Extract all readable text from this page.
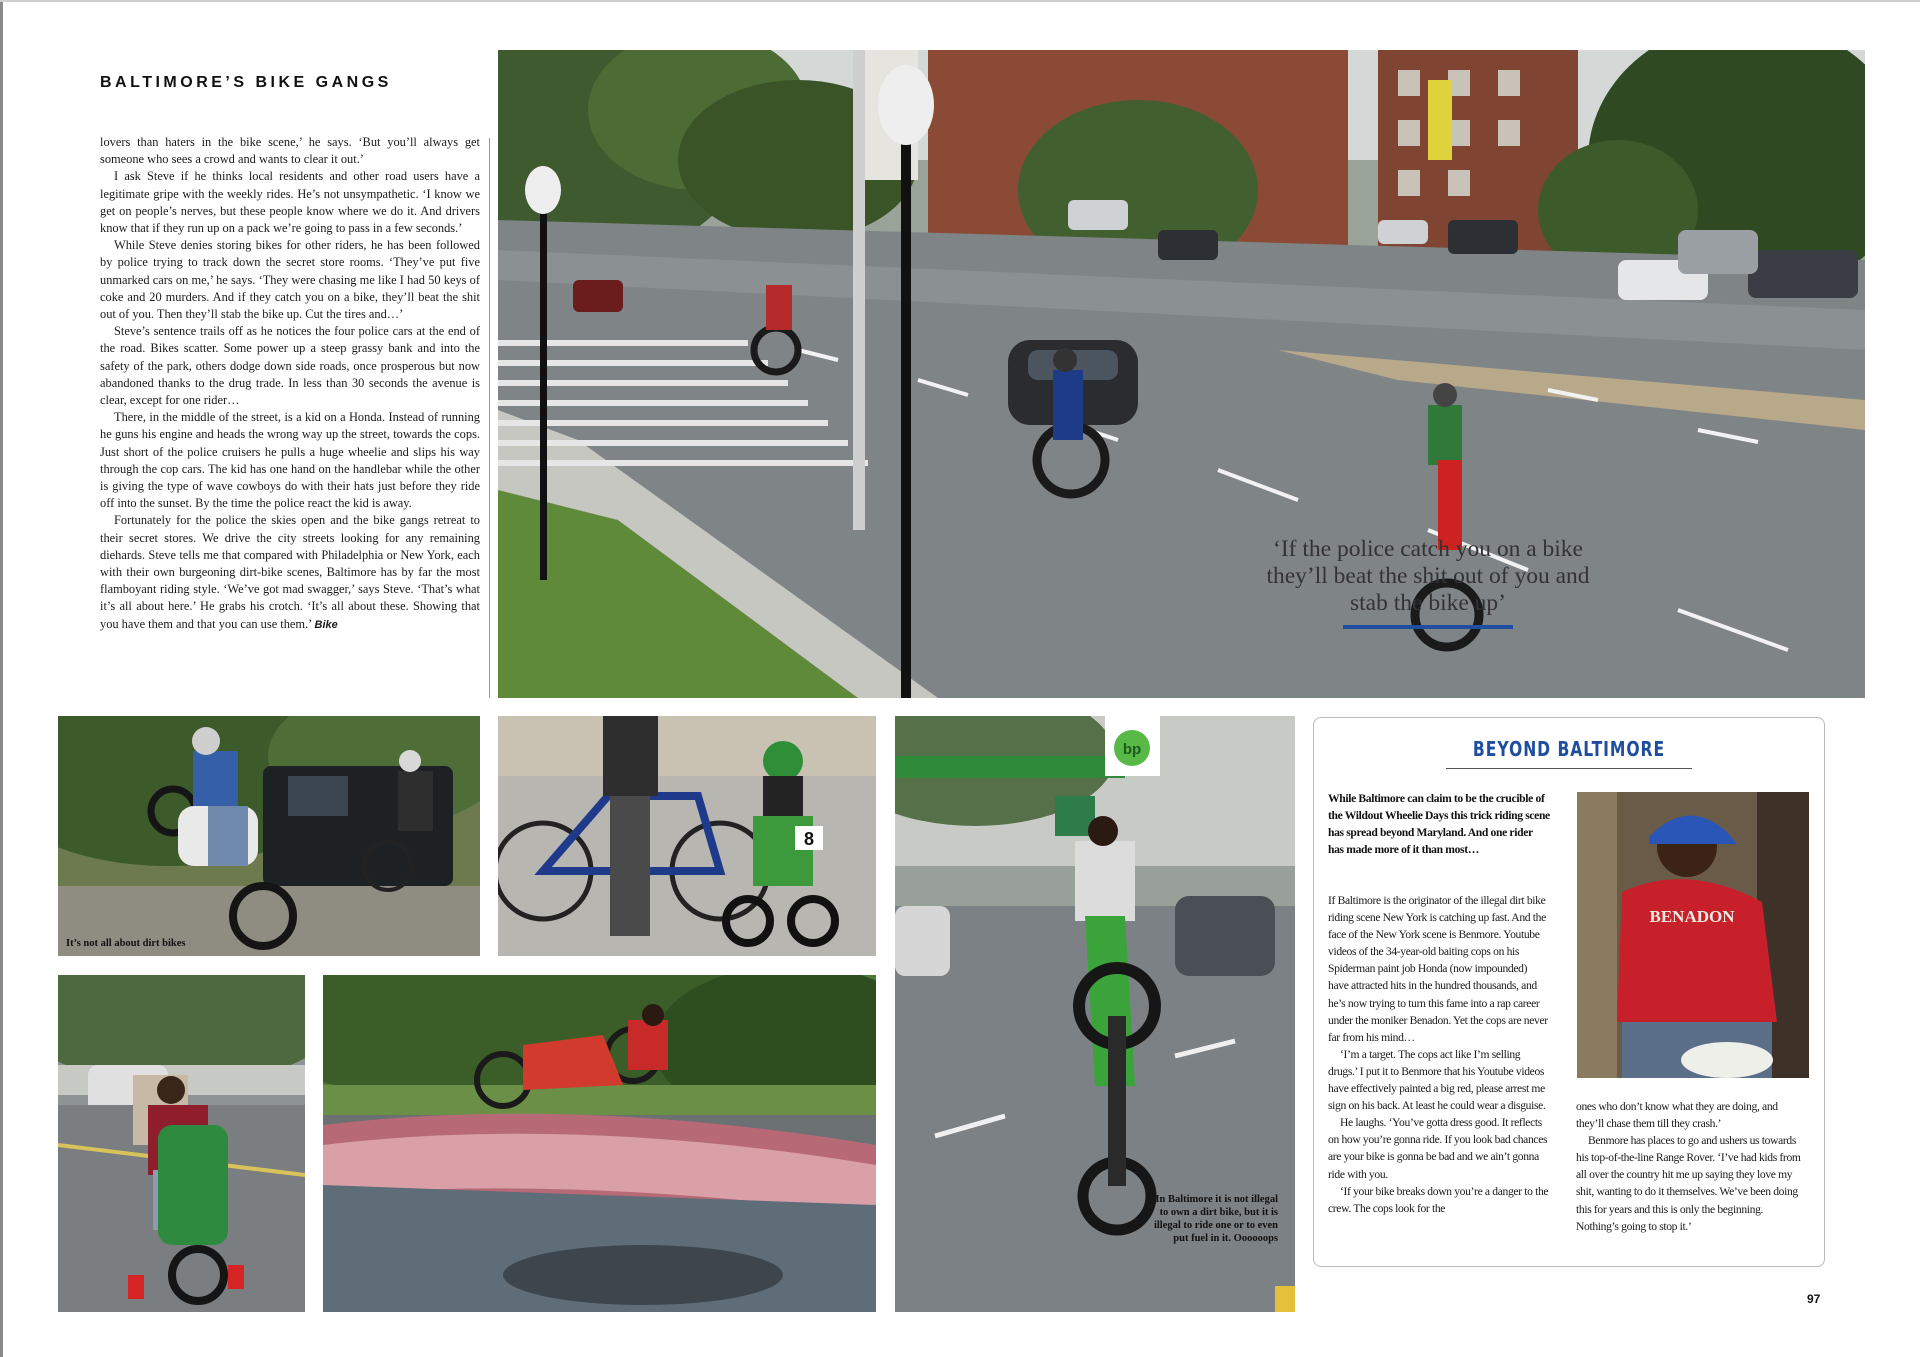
BALTIMORE’S BIKE GANGS

lovers than haters in the bike scene,’ he says. ‘But you’ll always get someone who sees a crowd and wants to clear it out.’

I ask Steve if he thinks local residents and other road users have a legitimate gripe with the weekly rides. He’s not unsympathetic. ‘I know we get on people’s nerves, but these people know where we do it. And drivers know that if they run up on a pack we’re going to pass in a few seconds.’

While Steve denies storing bikes for other riders, he has been followed by police trying to track down the secret store rooms. ‘They’ve put five unmarked cars on me,’ he says. ‘They were chasing me like I had 50 keys of coke and 20 murders. And if they catch you on a bike, they’ll beat the shit out of you. Then they’ll stab the bike up. Cut the tires and…’

Steve’s sentence trails off as he notices the four police cars at the end of the road. Bikes scatter. Some power up a steep grassy bank and into the safety of the park, others dodge down side roads, once prosperous but now abandoned thanks to the drug trade. In less than 30 seconds the avenue is clear, except for one rider…

There, in the middle of the street, is a kid on a Honda. Instead of running he guns his engine and heads the wrong way up the street, towards the cops. Just short of the police cruisers he pulls a huge wheelie and slips his way through the cop cars. The kid has one hand on the handlebar while the other is giving the type of wave cowboys do with their hats just before they ride off into the sunset. By the time the police react the kid is away.

Fortunately for the police the skies open and the bike gangs retreat to their secret stores. We drive the city streets looking for any remaining diehards. Steve tells me that compared with Philadelphia or New York, each with their own burgeoning dirt-bike scenes, Baltimore has by far the most flamboyant riding style. ‘We’ve got mad swagger,’ says Steve. ‘That’s what it’s all about here.’ He grabs his crotch. ‘It’s all about these. Showing that you have them and that you can use them.’ Bike

‘If the police catch you on a bike they’ll beat the shit out of you and stab the bike up’
It’s not all about dirt bikes
8
bp
In Baltimore it is not illegal to own a dirt bike, but it is illegal to ride one or to even put fuel in it. Oooooops
BEYOND BALTIMORE
While Baltimore can claim to be the crucible of the Wildout Wheelie Days this trick riding scene has spread beyond Maryland. And one rider has made more of it than most…

If Baltimore is the originator of the illegal dirt bike riding scene New York is catching up fast. And the face of the New York scene is Benmore. Youtube videos of the 34-year-old baiting cops on his Spiderman paint job Honda (now impounded) have attracted hits in the hundred thousands, and he’s now trying to turn this fame into a rap career under the moniker Benadon. Yet the cops are never far from his mind…

‘I’m a target. The cops act like I’m selling drugs.’ I put it to Benmore that his Youtube videos have effectively painted a big red, please arrest me sign on his back. At least he could wear a disguise.

He laughs. ‘You’ve gotta dress good. It reflects on how you’re gonna ride. If you look bad chances are your bike is gonna be bad and we ain’t gonna ride with you.

‘If your bike breaks down you’re a danger to the crew. The cops look for the

BENADON

ones who don’t know what they are doing, and they’ll chase them till they crash.’

Benmore has places to go and ushers us towards his top-of-the-line Range Rover. ‘I’ve had kids from all over the country hit me up saying they love my shit, wanting to do it themselves. We’ve been doing this for years and this is only the beginning. Nothing’s going to stop it.’

97
